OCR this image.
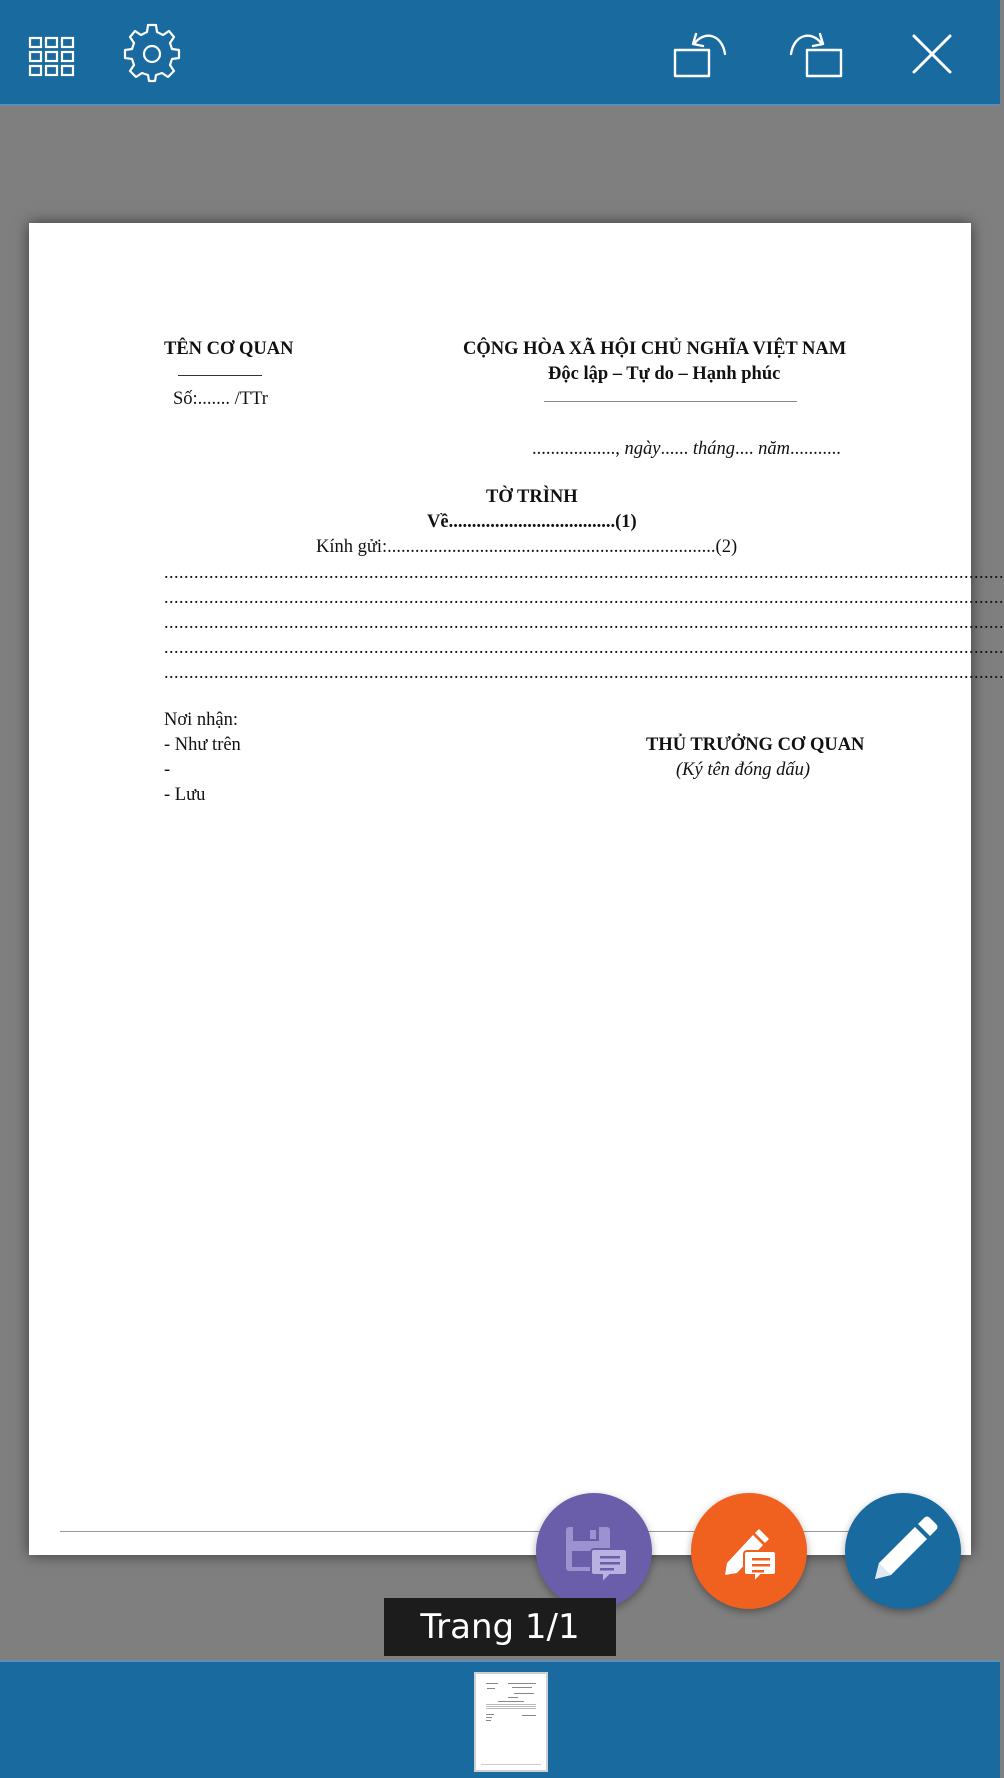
TÊN CƠ QUAN
Số:....... /TTr
CỘNG HÒA XÃ HỘI CHỦ NGHĨA VIỆT NAM
Độc lập – Tự do – Hạnh phúc
.................., ngày...... tháng.... năm...........
TỜ TRÌNH
Về....................................(1)
Kính gửi:.......................................................................(2)
........................................................................................................................................................................
........................................................................................................................................................................
........................................................................................................................................................................
........................................................................................................................................................................
........................................................................................................................................................................
Nơi nhận:
- Như trên
-
- Lưu
THỦ TRƯỞNG CƠ QUAN
(Ký tên đóng dấu)
Trang 1/1
